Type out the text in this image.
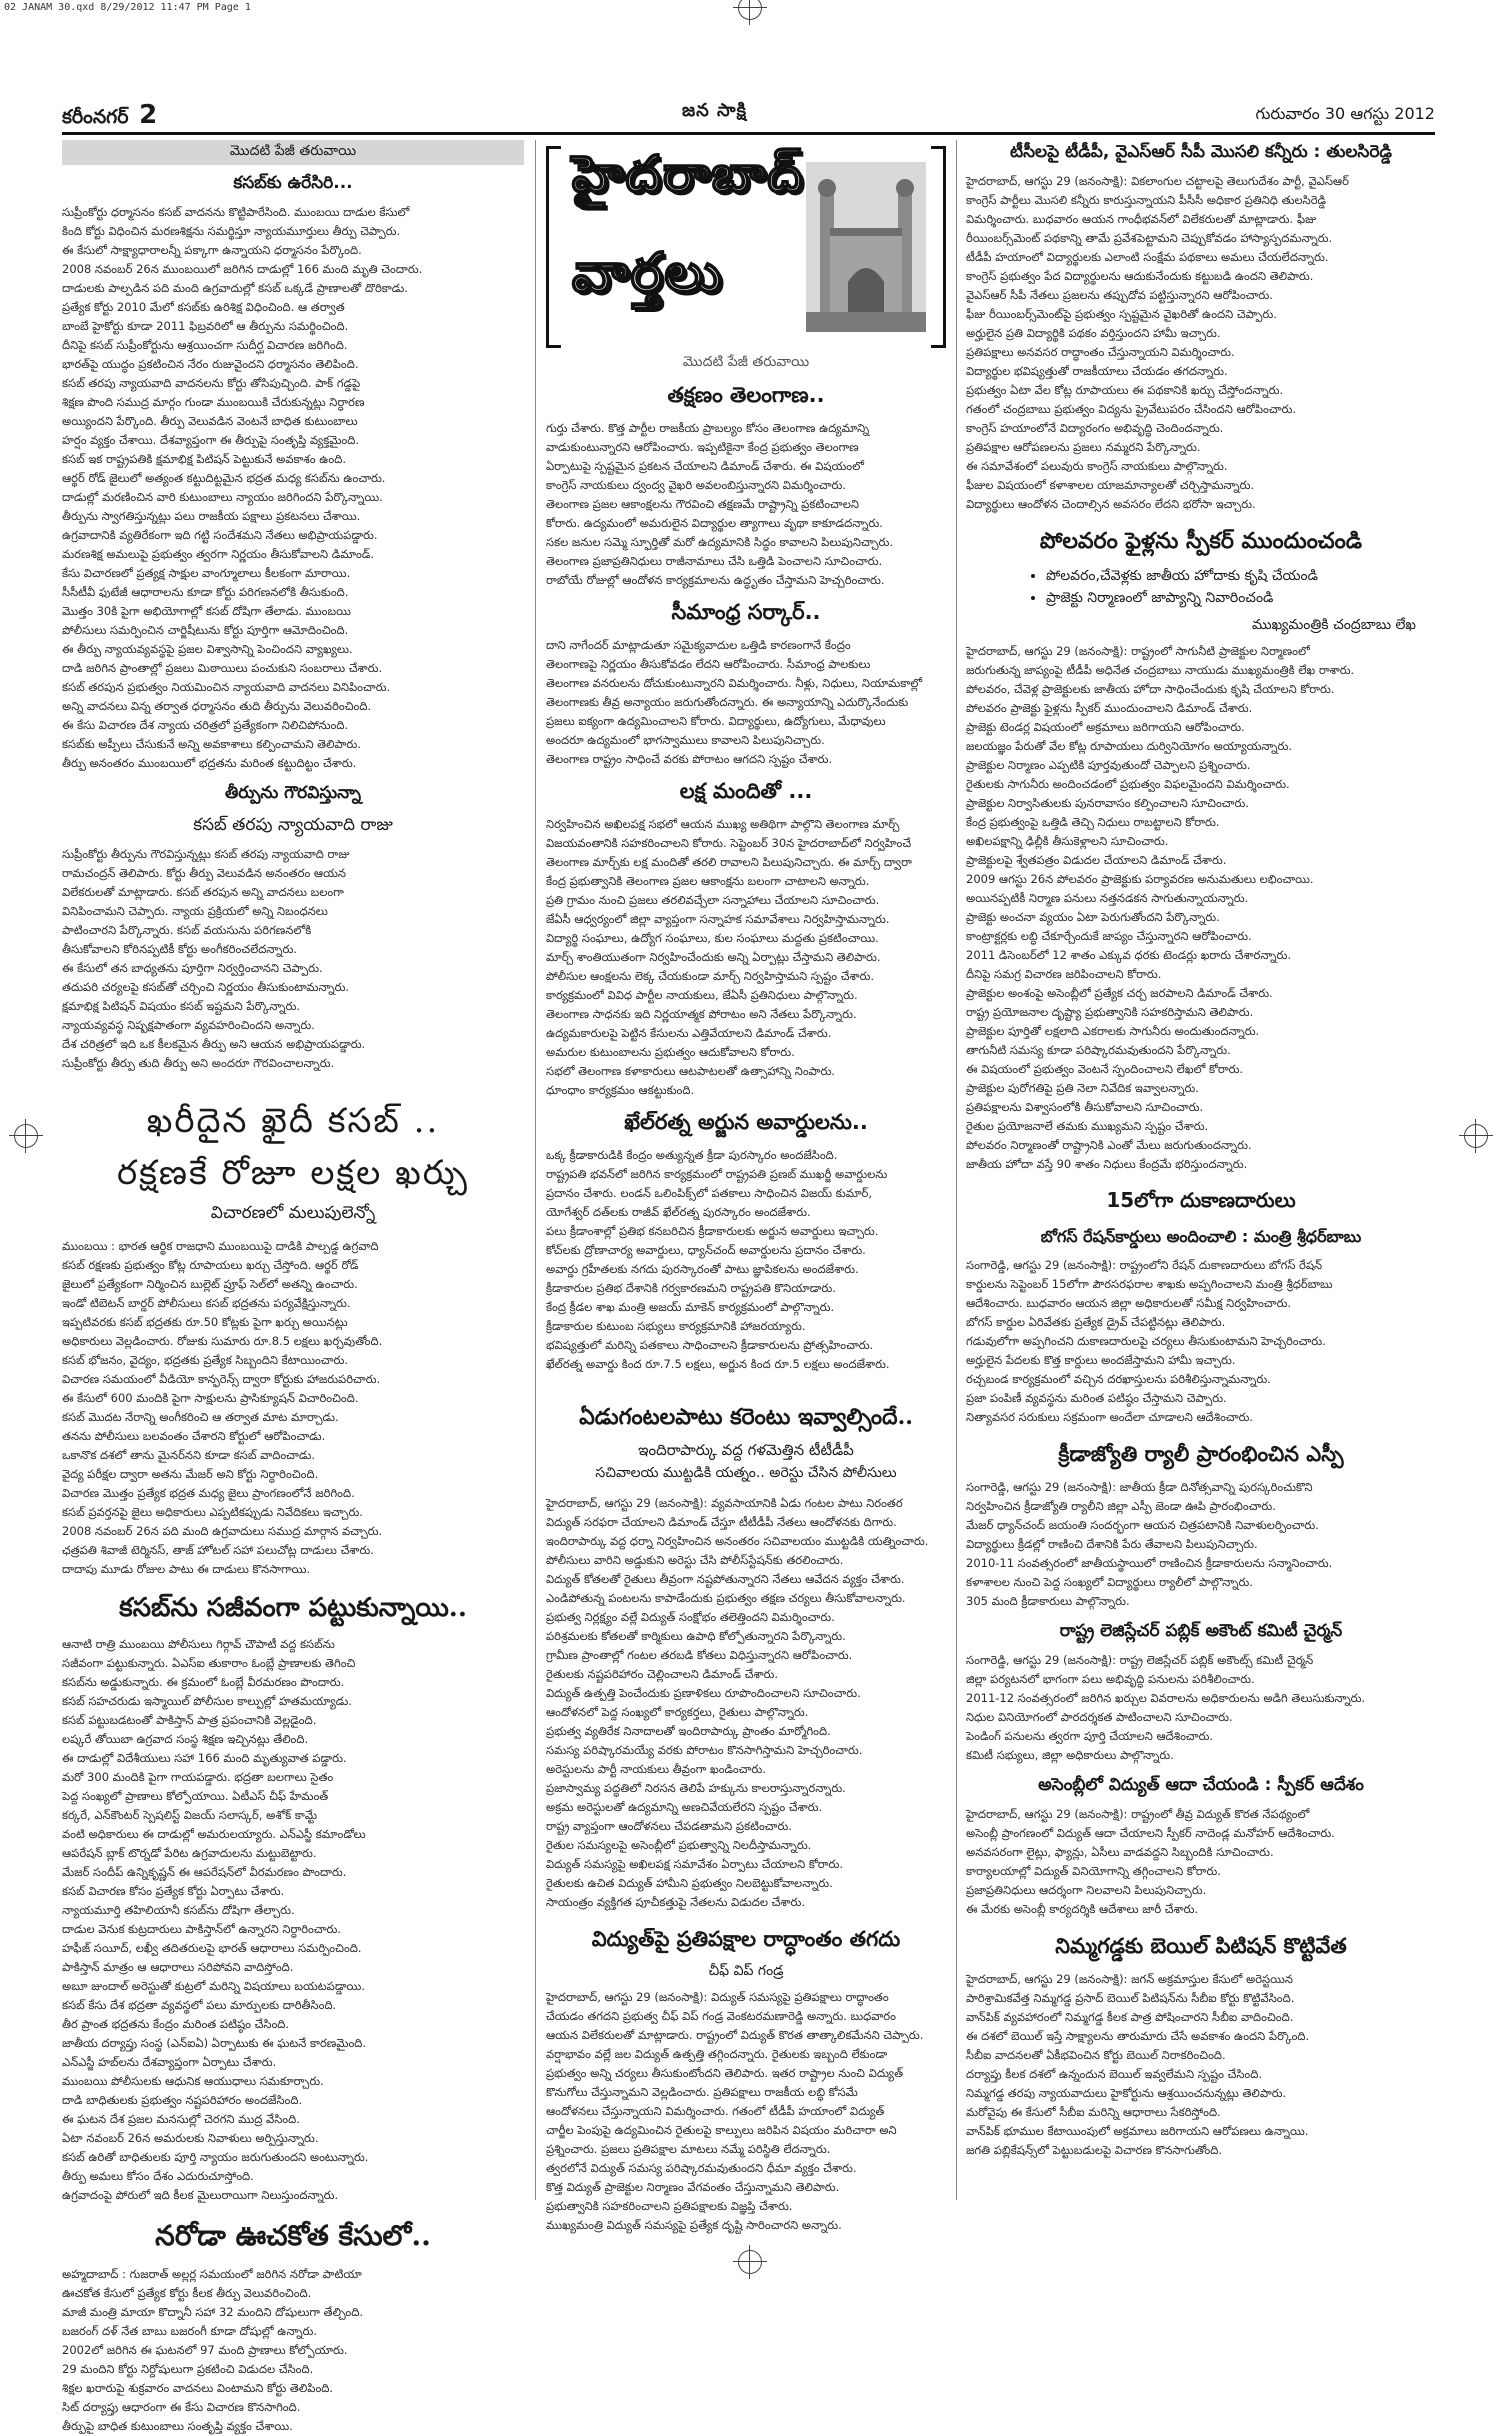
02 JANAM 30.qxd 8/29/2012 11:47 PM Page 1
కరీంనగర్ 2	జన సాక్షి	గురువారం 30 ఆగస్టు 2012
మొదటి పేజీ తరువాయి
కసబ్‌కు ఉరేసిరి...
సుప్రీంకోర్టు ధర్మాసనం కసబ్ వాదనను కొట్టిపారేసింది. ముంబయి దాడుల కేసులో
కింది కోర్టు విధించిన మరణశిక్షను సమర్థిస్తూ న్యాయమూర్తులు తీర్పు చెప్పారు.
ఈ కేసులో సాక్ష్యాధారాలన్నీ పక్కాగా ఉన్నాయని ధర్మాసనం పేర్కొంది.
2008 నవంబర్ 26న ముంబయిలో జరిగిన దాడుల్లో 166 మంది మృతి చెందారు.
దాడులకు పాల్పడిన పది మంది ఉగ్రవాదుల్లో కసబ్ ఒక్కడే ప్రాణాలతో దొరికాడు.
ప్రత్యేక కోర్టు 2010 మేలో కసబ్‌కు ఉరిశిక్ష విధించింది. ఆ తర్వాత
బాంబే హైకోర్టు కూడా 2011 ఫిబ్రవరిలో ఆ తీర్పును సమర్థించింది.
దీనిపై కసబ్ సుప్రీంకోర్టును ఆశ్రయించగా సుదీర్ఘ విచారణ జరిగింది.
భారత్‌పై యుద్ధం ప్రకటించిన నేరం రుజువైందని ధర్మాసనం తెలిపింది.
కసబ్ తరపు న్యాయవాది వాదనలను కోర్టు తోసిపుచ్చింది. పాక్ గడ్డపై
శిక్షణ పొంది సముద్ర మార్గం గుండా ముంబయికి చేరుకున్నట్లు నిర్ధారణ
అయ్యిందని పేర్కొంది. తీర్పు వెలువడిన వెంటనే బాధిత కుటుంబాలు
హర్షం వ్యక్తం చేశాయి. దేశవ్యాప్తంగా ఈ తీర్పుపై సంతృప్తి వ్యక్తమైంది.
కసబ్ ఇక రాష్ట్రపతికి క్షమాభిక్ష పిటిషన్ పెట్టుకునే అవకాశం ఉంది.
ఆర్థర్ రోడ్ జైలులో అత్యంత కట్టుదిట్టమైన భద్రత మధ్య కసబ్‌ను ఉంచారు.
దాడుల్లో మరణించిన వారి కుటుంబాలు న్యాయం జరిగిందని పేర్కొన్నాయి.
తీర్పును స్వాగతిస్తున్నట్లు పలు రాజకీయ పక్షాలు ప్రకటనలు చేశాయి.
ఉగ్రవాదానికి వ్యతిరేకంగా ఇది గట్టి సందేశమని నేతలు అభిప్రాయపడ్డారు.
మరణశిక్ష అమలుపై ప్రభుత్వం త్వరగా నిర్ణయం తీసుకోవాలని డిమాండ్.
కేసు విచారణలో ప్రత్యక్ష సాక్షుల వాంగ్మూలాలు కీలకంగా మారాయి.
సీసీటీవీ ఫుటేజీ ఆధారాలను కూడా కోర్టు పరిగణనలోకి తీసుకుంది.
మొత్తం 30కి పైగా అభియోగాల్లో కసబ్ దోషిగా తేలాడు. ముంబయి
పోలీసులు సమర్పించిన చార్జిషీటును కోర్టు పూర్తిగా ఆమోదించింది.
ఈ తీర్పు న్యాయవ్యవస్థపై ప్రజల విశ్వాసాన్ని పెంచిందని వ్యాఖ్యలు.
దాడి జరిగిన ప్రాంతాల్లో ప్రజలు మిఠాయిలు పంచుకుని సంబరాలు చేశారు.
కసబ్ తరపున ప్రభుత్వం నియమించిన న్యాయవాది వాదనలు వినిపించారు.
అన్ని వాదనలు విన్న తర్వాత ధర్మాసనం తుది తీర్పును వెలువరించింది.
ఈ కేసు విచారణ దేశ న్యాయ చరిత్రలో ప్రత్యేకంగా నిలిచిపోనుంది.
కసబ్‌కు అప్పీలు చేసుకునే అన్ని అవకాశాలు కల్పించామని తెలిపారు.
తీర్పు అనంతరం ముంబయిలో భద్రతను మరింత కట్టుదిట్టం చేశారు.
తీర్పును గౌరవిస్తున్నా
కసబ్ తరపు న్యాయవాది రాజు
సుప్రీంకోర్టు తీర్పును గౌరవిస్తున్నట్లు కసబ్ తరపు న్యాయవాది రాజు
రామచంద్రన్ తెలిపారు. కోర్టు తీర్పు వెలువడిన అనంతరం ఆయన
విలేకరులతో మాట్లాడారు. కసబ్ తరపున అన్ని వాదనలు బలంగా
వినిపించామని చెప్పారు. న్యాయ ప్రక్రియలో అన్ని నిబంధనలు
పాటించారని పేర్కొన్నారు. కసబ్ వయసును పరిగణనలోకి
తీసుకోవాలని కోరినప్పటికీ కోర్టు అంగీకరించలేదన్నారు.
ఈ కేసులో తన బాధ్యతను పూర్తిగా నిర్వర్తించానని చెప్పారు.
తదుపరి చర్యలపై కసబ్‌తో చర్చించి నిర్ణయం తీసుకుంటామన్నారు.
క్షమాభిక్ష పిటిషన్ విషయం కసబ్ ఇష్టమని పేర్కొన్నారు.
న్యాయవ్యవస్థ నిష్పక్షపాతంగా వ్యవహరించిందని అన్నారు.
దేశ చరిత్రలో ఇది ఒక కీలకమైన తీర్పు అని ఆయన అభిప్రాయపడ్డారు.
సుప్రీంకోర్టు తీర్పు తుది తీర్పు అని అందరూ గౌరవించాలన్నారు.
ఖరీదైన ఖైదీ కసబ్ ..
రక్షణకే రోజూ లక్షల ఖర్చు
విచారణలో మలుపులెన్నో
ముంబయి : భారత ఆర్థిక రాజధాని ముంబయిపై దాడికి పాల్పడ్డ ఉగ్రవాది
కసబ్ రక్షణకు ప్రభుత్వం కోట్ల రూపాయలు ఖర్చు చేస్తోంది. ఆర్థర్ రోడ్
జైలులో ప్రత్యేకంగా నిర్మించిన బుల్లెట్ ప్రూఫ్ సెల్‌లో అతన్ని ఉంచారు.
ఇండో టిబెటన్ బార్డర్ పోలీసులు కసబ్ భద్రతను పర్యవేక్షిస్తున్నారు.
ఇప్పటివరకు కసబ్ భద్రతకు రూ.50 కోట్లకు పైగా ఖర్చు అయినట్లు
అధికారులు వెల్లడించారు. రోజుకు సుమారు రూ.8.5 లక్షలు ఖర్చవుతోంది.
కసబ్ భోజనం, వైద్యం, భద్రతకు ప్రత్యేక సిబ్బందిని కేటాయించారు.
విచారణ సమయంలో వీడియో కాన్ఫరెన్స్ ద్వారా కోర్టుకు హాజరుపరిచారు.
ఈ కేసులో 600 మందికి పైగా సాక్షులను ప్రాసిక్యూషన్ విచారించింది.
కసబ్ మొదట నేరాన్ని అంగీకరించి ఆ తర్వాత మాట మార్చాడు.
తనను పోలీసులు బలవంతం చేశారని కోర్టులో ఆరోపించాడు.
ఒకానొక దశలో తాను మైనర్‌నని కూడా కసబ్ వాదించాడు.
వైద్య పరీక్షల ద్వారా అతను మేజర్ అని కోర్టు నిర్ధారించింది.
విచారణ మొత్తం ప్రత్యేక భద్రత మధ్య జైలు ప్రాంగణంలోనే జరిగింది.
కసబ్ ప్రవర్తనపై జైలు అధికారులు ఎప్పటికప్పుడు నివేదికలు ఇచ్చారు.
2008 నవంబర్ 26న పది మంది ఉగ్రవాదులు సముద్ర మార్గాన వచ్చారు.
ఛత్రపతి శివాజీ టెర్మినస్, తాజ్ హోటల్ సహా పలుచోట్ల దాడులు చేశారు.
దాదాపు మూడు రోజుల పాటు ఈ దాడులు కొనసాగాయి.
కసబ్‌ను సజీవంగా పట్టుకున్నాయి..
ఆనాటి రాత్రి ముంబయి పోలీసులు గిర్గావ్ చౌపాటీ వద్ద కసబ్‌ను
సజీవంగా పట్టుకున్నారు. ఏఎస్ఐ తుకారాం ఓంబ్లే ప్రాణాలకు తెగించి
కసబ్‌ను అడ్డుకున్నారు. ఈ క్రమంలో ఓంబ్లే వీరమరణం పొందారు.
కసబ్ సహచరుడు ఇస్మాయిల్ పోలీసుల కాల్పుల్లో హతమయ్యాడు.
కసబ్ పట్టుబడటంతో పాకిస్తాన్ పాత్ర ప్రపంచానికి వెల్లడైంది.
లష్కరే తోయిబా ఉగ్రవాద సంస్థ శిక్షణ ఇచ్చినట్లు తేలింది.
ఈ దాడుల్లో విదేశీయులు సహా 166 మంది మృత్యువాత పడ్డారు.
మరో 300 మందికి పైగా గాయపడ్డారు. భద్రతా బలగాలు సైతం
పెద్ద సంఖ్యలో ప్రాణాలు కోల్పోయాయి. ఏటీఎస్ చీఫ్ హేమంత్
కర్కరే, ఎన్‌కౌంటర్ స్పెషలిస్ట్ విజయ్ సలాస్కర్, అశోక్ కామ్టే
వంటి అధికారులు ఈ దాడుల్లో అమరులయ్యారు. ఎన్ఎస్జీ కమాండోలు
ఆపరేషన్ బ్లాక్ టొర్నడో పేరిట ఉగ్రవాదులను మట్టుబెట్టారు.
మేజర్ సందీప్ ఉన్నికృష్ణన్ ఈ ఆపరేషన్‌లో వీరమరణం పొందారు.
కసబ్ విచారణ కోసం ప్రత్యేక కోర్టు ఏర్పాటు చేశారు.
న్యాయమూర్తి తహిలియానీ కసబ్‌ను దోషిగా తేల్చారు.
దాడుల వెనుక కుట్రదారులు పాకిస్తాన్‌లో ఉన్నారని నిర్ధారించారు.
హఫీజ్ సయీద్, లఖ్వీ తదితరులపై భారత్ ఆధారాలు సమర్పించింది.
పాకిస్తాన్ మాత్రం ఆ ఆధారాలు సరిపోవని వాదిస్తోంది.
అబూ జుందాల్ అరెస్టుతో కుట్రలో మరిన్ని విషయాలు బయటపడ్డాయి.
కసబ్ కేసు దేశ భద్రతా వ్యవస్థలో పలు మార్పులకు దారితీసింది.
తీర ప్రాంత భద్రతను కేంద్రం మరింత పటిష్ఠం చేసింది.
జాతీయ దర్యాప్తు సంస్థ (ఎన్ఐఏ) ఏర్పాటుకు ఈ ఘటనే కారణమైంది.
ఎన్ఎస్జీ హబ్‌లను దేశవ్యాప్తంగా ఏర్పాటు చేశారు.
ముంబయి పోలీసులకు ఆధునిక ఆయుధాలు సమకూర్చారు.
దాడి బాధితులకు ప్రభుత్వం నష్టపరిహారం అందజేసింది.
ఈ ఘటన దేశ ప్రజల మనసుల్లో చెరగని ముద్ర వేసింది.
ఏటా నవంబర్ 26న అమరులకు నివాళులు అర్పిస్తున్నారు.
కసబ్ ఉరితో బాధితులకు పూర్తి న్యాయం జరుగుతుందని అంటున్నారు.
తీర్పు అమలు కోసం దేశం ఎదురుచూస్తోంది.
ఉగ్రవాదంపై పోరులో ఇది కీలక మైలురాయిగా నిలుస్తుందన్నారు.
నరోడా ఊచకోత కేసులో..
అహ్మదాబాద్ : గుజరాత్ అల్లర్ల సమయంలో జరిగిన నరోడా పాటియా
ఊచకోత కేసులో ప్రత్యేక కోర్టు కీలక తీర్పు వెలువరించింది.
మాజీ మంత్రి మాయా కొద్నానీ సహా 32 మందిని దోషులుగా తేల్చింది.
బజరంగ్ దళ్ నేత బాబు బజరంగీ కూడా దోషుల్లో ఉన్నారు.
2002లో జరిగిన ఈ ఘటనలో 97 మంది ప్రాణాలు కోల్పోయారు.
29 మందిని కోర్టు నిర్దోషులుగా ప్రకటించి విడుదల చేసింది.
శిక్షల ఖరారుపై శుక్రవారం వాదనలు వింటామని కోర్టు తెలిపింది.
సిట్ దర్యాప్తు ఆధారంగా ఈ కేసు విచారణ కొనసాగింది.
తీర్పుపై బాధిత కుటుంబాలు సంతృప్తి వ్యక్తం చేశాయి.
హైదరాబాద్
వార్తలు
మొదటి పేజీ తరువాయి
తక్షణం తెలంగాణ..
గుర్తు చేశారు. కొత్త పార్టీల రాజకీయ ప్రాబల్యం కోసం తెలంగాణ ఉద్యమాన్ని
వాడుకుంటున్నారని ఆరోపించారు. ఇప్పటికైనా కేంద్ర ప్రభుత్వం తెలంగాణ
ఏర్పాటుపై స్పష్టమైన ప్రకటన చేయాలని డిమాండ్ చేశారు. ఈ విషయంలో
కాంగ్రెస్ నాయకులు ద్వంద్వ వైఖరి అవలంబిస్తున్నారని విమర్శించారు.
తెలంగాణ ప్రజల ఆకాంక్షలను గౌరవించి తక్షణమే రాష్ట్రాన్ని ప్రకటించాలని
కోరారు. ఉద్యమంలో అమరులైన విద్యార్థుల త్యాగాలు వృథా కాకూడదన్నారు.
సకల జనుల సమ్మె స్ఫూర్తితో మరో ఉద్యమానికి సిద్ధం కావాలని పిలుపునిచ్చారు.
తెలంగాణ ప్రజాప్రతినిధులు రాజీనామాలు చేసి ఒత్తిడి పెంచాలని సూచించారు.
రాబోయే రోజుల్లో ఆందోళన కార్యక్రమాలను ఉద్ధృతం చేస్తామని హెచ్చరించారు.
సీమాంధ్ర సర్కార్..
దాని నాగేందర్ మాట్లాడుతూ సమైక్యవాదుల ఒత్తిడి కారణంగానే కేంద్రం
తెలంగాణపై నిర్ణయం తీసుకోవడం లేదని ఆరోపించారు. సీమాంధ్ర పాలకులు
తెలంగాణ వనరులను దోచుకుంటున్నారని విమర్శించారు. నీళ్లు, నిధులు, నియామకాల్లో
తెలంగాణకు తీవ్ర అన్యాయం జరుగుతోందన్నారు. ఈ అన్యాయాన్ని ఎదుర్కొనేందుకు
ప్రజలు ఐక్యంగా ఉద్యమించాలని కోరారు. విద్యార్థులు, ఉద్యోగులు, మేధావులు
అందరూ ఉద్యమంలో భాగస్వాములు కావాలని పిలుపునిచ్చారు.
తెలంగాణ రాష్ట్రం సాధించే వరకు పోరాటం ఆగదని స్పష్టం చేశారు.
లక్ష మందితో ...
నిర్వహించిన అఖిలపక్ష సభలో ఆయన ముఖ్య అతిథిగా పాల్గొని తెలంగాణ మార్చ్
విజయవంతానికి సహకరించాలని కోరారు. సెప్టెంబర్ 30న హైదరాబాద్‌లో నిర్వహించే
తెలంగాణ మార్చ్‌కు లక్ష మందితో తరలి రావాలని పిలుపునిచ్చారు. ఈ మార్చ్ ద్వారా
కేంద్ర ప్రభుత్వానికి తెలంగాణ ప్రజల ఆకాంక్షను బలంగా చాటాలని అన్నారు.
ప్రతి గ్రామం నుంచి ప్రజలు తరలివచ్చేలా సన్నాహాలు చేయాలని సూచించారు.
జేఏసీ ఆధ్వర్యంలో జిల్లా వ్యాప్తంగా సన్నాహక సమావేశాలు నిర్వహిస్తామన్నారు.
విద్యార్థి సంఘాలు, ఉద్యోగ సంఘాలు, కుల సంఘాలు మద్దతు ప్రకటించాయి.
మార్చ్ శాంతియుతంగా నిర్వహించేందుకు అన్ని ఏర్పాట్లు చేస్తామని తెలిపారు.
పోలీసుల ఆంక్షలను లెక్క చేయకుండా మార్చ్ నిర్వహిస్తామని స్పష్టం చేశారు.
కార్యక్రమంలో వివిధ పార్టీల నాయకులు, జేఏసీ ప్రతినిధులు పాల్గొన్నారు.
తెలంగాణ సాధనకు ఇది నిర్ణయాత్మక పోరాటం అని నేతలు పేర్కొన్నారు.
ఉద్యమకారులపై పెట్టిన కేసులను ఎత్తివేయాలని డిమాండ్ చేశారు.
అమరుల కుటుంబాలను ప్రభుత్వం ఆదుకోవాలని కోరారు.
సభలో తెలంగాణ కళాకారులు ఆటపాటలతో ఉత్సాహాన్ని నింపారు.
ధూంధాం కార్యక్రమం ఆకట్టుకుంది.
ఖేల్‌రత్న అర్జున అవార్డులను..
ఒక్క క్రీడాకారుడికి కేంద్రం అత్యున్నత క్రీడా పురస్కారం అందజేసింది.
రాష్ట్రపతి భవన్‌లో జరిగిన కార్యక్రమంలో రాష్ట్రపతి ప్రణబ్ ముఖర్జీ అవార్డులను
ప్రదానం చేశారు. లండన్ ఒలింపిక్స్‌లో పతకాలు సాధించిన విజయ్ కుమార్,
యోగేశ్వర్ దత్‌లకు రాజీవ్ ఖేల్‌రత్న పురస్కారం అందజేశారు.
పలు క్రీడాంశాల్లో ప్రతిభ కనబరిచిన క్రీడాకారులకు అర్జున అవార్డులు ఇచ్చారు.
కోచ్‌లకు ద్రోణాచార్య అవార్డులు, ధ్యాన్‌చంద్ అవార్డులను ప్రదానం చేశారు.
అవార్డు గ్రహీతలకు నగదు పురస్కారంతో పాటు జ్ఞాపికలను అందజేశారు.
క్రీడాకారుల ప్రతిభ దేశానికి గర్వకారణమని రాష్ట్రపతి కొనియాడారు.
కేంద్ర క్రీడల శాఖ మంత్రి అజయ్ మాకెన్ కార్యక్రమంలో పాల్గొన్నారు.
క్రీడాకారుల కుటుంబ సభ్యులు కార్యక్రమానికి హాజరయ్యారు.
భవిష్యత్తులో మరిన్ని పతకాలు సాధించాలని క్రీడాకారులను ప్రోత్సహించారు.
ఖేల్‌రత్న అవార్డు కింద రూ.7.5 లక్షలు, అర్జున కింద రూ.5 లక్షలు అందజేశారు.
ఏడుగంటలపాటు కరెంటు ఇవ్వాల్సిందే..
ఇందిరాపార్కు వద్ద గళమెత్తిన టీటీడీపీ
సచివాలయ ముట్టడికి యత్నం.. అరెస్టు చేసిన పోలీసులు
హైదరాబాద్, ఆగస్టు 29 (జనంసాక్షి): వ్యవసాయానికి ఏడు గంటల పాటు నిరంతర
విద్యుత్ సరఫరా చేయాలని డిమాండ్ చేస్తూ టీటీడీపీ నేతలు ఆందోళనకు దిగారు.
ఇందిరాపార్కు వద్ద ధర్నా నిర్వహించిన అనంతరం సచివాలయం ముట్టడికి యత్నించారు.
పోలీసులు వారిని అడ్డుకుని అరెస్టు చేసి పోలీస్‌స్టేషన్‌కు తరలించారు.
విద్యుత్ కోతలతో రైతులు తీవ్రంగా నష్టపోతున్నారని నేతలు ఆవేదన వ్యక్తం చేశారు.
ఎండిపోతున్న పంటలను కాపాడేందుకు ప్రభుత్వం తక్షణ చర్యలు తీసుకోవాలన్నారు.
ప్రభుత్వ నిర్లక్ష్యం వల్లే విద్యుత్ సంక్షోభం తలెత్తిందని విమర్శించారు.
పరిశ్రమలకు కోతలతో కార్మికులు ఉపాధి కోల్పోతున్నారని పేర్కొన్నారు.
గ్రామీణ ప్రాంతాల్లో గంటల తరబడి కోతలు విధిస్తున్నారని ఆరోపించారు.
రైతులకు నష్టపరిహారం చెల్లించాలని డిమాండ్ చేశారు.
విద్యుత్ ఉత్పత్తి పెంచేందుకు ప్రణాళికలు రూపొందించాలని సూచించారు.
ఆందోళనలో పెద్ద సంఖ్యలో కార్యకర్తలు, రైతులు పాల్గొన్నారు.
ప్రభుత్వ వ్యతిరేక నినాదాలతో ఇందిరాపార్కు ప్రాంతం మార్మోగింది.
సమస్య పరిష్కారమయ్యే వరకు పోరాటం కొనసాగిస్తామని హెచ్చరించారు.
అరెస్టులను పార్టీ నాయకులు తీవ్రంగా ఖండించారు.
ప్రజాస్వామ్య పద్ధతిలో నిరసన తెలిపే హక్కును కాలరాస్తున్నారన్నారు.
అక్రమ అరెస్టులతో ఉద్యమాన్ని అణచివేయలేరని స్పష్టం చేశారు.
రాష్ట్ర వ్యాప్తంగా ఆందోళనలు చేపడతామని ప్రకటించారు.
రైతుల సమస్యలపై అసెంబ్లీలో ప్రభుత్వాన్ని నిలదీస్తామన్నారు.
విద్యుత్ సమస్యపై అఖిలపక్ష సమావేశం ఏర్పాటు చేయాలని కోరారు.
రైతులకు ఉచిత విద్యుత్ హామీని ప్రభుత్వం నిలబెట్టుకోవాలన్నారు.
సాయంత్రం వ్యక్తిగత పూచీకత్తుపై నేతలను విడుదల చేశారు.
విద్యుత్‌పై ప్రతిపక్షాల రాద్ధాంతం తగదు
చీఫ్ విప్ గండ్ర
హైదరాబాద్, ఆగస్టు 29 (జనంసాక్షి): విద్యుత్ సమస్యపై ప్రతిపక్షాలు రాద్ధాంతం
చేయడం తగదని ప్రభుత్వ చీఫ్ విప్ గండ్ర వెంకటరమణారెడ్డి అన్నారు. బుధవారం
ఆయన విలేకరులతో మాట్లాడారు. రాష్ట్రంలో విద్యుత్ కొరత తాత్కాలికమేనని చెప్పారు.
వర్షాభావం వల్లే జల విద్యుత్ ఉత్పత్తి తగ్గిందన్నారు. రైతులకు ఇబ్బంది లేకుండా
ప్రభుత్వం అన్ని చర్యలు తీసుకుంటోందని తెలిపారు. ఇతర రాష్ట్రాల నుంచి విద్యుత్
కొనుగోలు చేస్తున్నామని వెల్లడించారు. ప్రతిపక్షాలు రాజకీయ లబ్ధి కోసమే
ఆందోళనలు చేస్తున్నాయని విమర్శించారు. గతంలో టీడీపీ హయాంలో విద్యుత్
చార్జీల పెంపుపై ఉద్యమించిన రైతులపై కాల్పులు జరిపిన విషయం మరిచారా అని
ప్రశ్నించారు. ప్రజలు ప్రతిపక్షాల మాటలు నమ్మే పరిస్థితి లేదన్నారు.
త్వరలోనే విద్యుత్ సమస్య పరిష్కారమవుతుందని ధీమా వ్యక్తం చేశారు.
కొత్త విద్యుత్ ప్రాజెక్టుల నిర్మాణం వేగవంతం చేస్తున్నామని తెలిపారు.
ప్రభుత్వానికి సహకరించాలని ప్రతిపక్షాలకు విజ్ఞప్తి చేశారు.
ముఖ్యమంత్రి విద్యుత్ సమస్యపై ప్రత్యేక దృష్టి సారించారని అన్నారు.
టీసీలపై టీడీపీ, వైఎస్ఆర్ సీపీ మొసలి కన్నీరు : తులసిరెడ్డి
హైదరాబాద్, ఆగస్టు 29 (జనంసాక్షి): వికలాంగుల చట్టాలపై తెలుగుదేశం పార్టీ, వైఎస్ఆర్
కాంగ్రెస్ పార్టీలు మొసలి కన్నీరు కారుస్తున్నాయని పీసీసీ అధికార ప్రతినిధి తులసిరెడ్డి
విమర్శించారు. బుధవారం ఆయన గాంధీభవన్‌లో విలేకరులతో మాట్లాడారు. ఫీజు
రీయింబర్స్‌మెంట్ పథకాన్ని తామే ప్రవేశపెట్టామని చెప్పుకోవడం హాస్యాస్పదమన్నారు.
టీడీపీ హయాంలో విద్యార్థులకు ఎలాంటి సంక్షేమ పథకాలు అమలు చేయలేదన్నారు.
కాంగ్రెస్ ప్రభుత్వం పేద విద్యార్థులను ఆదుకునేందుకు కట్టుబడి ఉందని తెలిపారు.
వైఎస్ఆర్ సీపీ నేతలు ప్రజలను తప్పుదోవ పట్టిస్తున్నారని ఆరోపించారు.
ఫీజు రీయింబర్స్‌మెంట్‌పై ప్రభుత్వం స్పష్టమైన వైఖరితో ఉందని చెప్పారు.
అర్హులైన ప్రతి విద్యార్థికి పథకం వర్తిస్తుందని హామీ ఇచ్చారు.
ప్రతిపక్షాలు అనవసర రాద్ధాంతం చేస్తున్నాయని విమర్శించారు.
విద్యార్థుల భవిష్యత్తుతో రాజకీయాలు చేయడం తగదన్నారు.
ప్రభుత్వం ఏటా వేల కోట్ల రూపాయలు ఈ పథకానికి ఖర్చు చేస్తోందన్నారు.
గతంలో చంద్రబాబు ప్రభుత్వం విద్యను ప్రైవేటుపరం చేసిందని ఆరోపించారు.
కాంగ్రెస్ హయాంలోనే విద్యారంగం అభివృద్ధి చెందిందన్నారు.
ప్రతిపక్షాల ఆరోపణలను ప్రజలు నమ్మరని పేర్కొన్నారు.
ఈ సమావేశంలో పలువురు కాంగ్రెస్ నాయకులు పాల్గొన్నారు.
ఫీజుల విషయంలో కళాశాలల యాజమాన్యాలతో చర్చిస్తామన్నారు.
విద్యార్థులు ఆందోళన చెందాల్సిన అవసరం లేదని భరోసా ఇచ్చారు.
పోలవరం ఫైళ్లను స్పీకర్ ముందుంచండి
• పోలవరం,చేవెళ్లకు జాతీయ హోదాకు కృషి చేయండి
• ప్రాజెక్టు నిర్మాణంలో జాప్యాన్ని నివారించండి
ముఖ్యమంత్రికి చంద్రబాబు లేఖ
హైదరాబాద్, ఆగస్టు 29 (జనంసాక్షి): రాష్ట్రంలో సాగునీటి ప్రాజెక్టుల నిర్మాణంలో
జరుగుతున్న జాప్యంపై టీడీపీ అధినేత చంద్రబాబు నాయుడు ముఖ్యమంత్రికి లేఖ రాశారు.
పోలవరం, చేవెళ్ల ప్రాజెక్టులకు జాతీయ హోదా సాధించేందుకు కృషి చేయాలని కోరారు.
పోలవరం ప్రాజెక్టు ఫైళ్లను స్పీకర్ ముందుంచాలని డిమాండ్ చేశారు.
ప్రాజెక్టు టెండర్ల విషయంలో అక్రమాలు జరిగాయని ఆరోపించారు.
జలయజ్ఞం పేరుతో వేల కోట్ల రూపాయలు దుర్వినియోగం అయ్యాయన్నారు.
ప్రాజెక్టుల నిర్మాణం ఎప్పటికి పూర్తవుతుందో చెప్పాలని ప్రశ్నించారు.
రైతులకు సాగునీరు అందించడంలో ప్రభుత్వం విఫలమైందని విమర్శించారు.
ప్రాజెక్టుల నిర్వాసితులకు పునరావాసం కల్పించాలని సూచించారు.
కేంద్ర ప్రభుత్వంపై ఒత్తిడి తెచ్చి నిధులు రాబట్టాలని కోరారు.
అఖిలపక్షాన్ని ఢిల్లీకి తీసుకెళ్లాలని సూచించారు.
ప్రాజెక్టులపై శ్వేతపత్రం విడుదల చేయాలని డిమాండ్ చేశారు.
2009 ఆగస్టు 26న పోలవరం ప్రాజెక్టుకు పర్యావరణ అనుమతులు లభించాయి.
అయినప్పటికీ నిర్మాణ పనులు నత్తనడకన సాగుతున్నాయన్నారు.
ప్రాజెక్టు అంచనా వ్యయం ఏటా పెరుగుతోందని పేర్కొన్నారు.
కాంట్రాక్టర్లకు లబ్ధి చేకూర్చేందుకే జాప్యం చేస్తున్నారని ఆరోపించారు.
2011 డిసెంబర్‌లో 12 శాతం ఎక్కువ ధరకు టెండర్లు ఖరారు చేశారన్నారు.
దీనిపై సమగ్ర విచారణ జరిపించాలని కోరారు.
ప్రాజెక్టుల అంశంపై అసెంబ్లీలో ప్రత్యేక చర్చ జరపాలని డిమాండ్ చేశారు.
రాష్ట్ర ప్రయోజనాల దృష్ట్యా ప్రభుత్వానికి సహకరిస్తామని తెలిపారు.
ప్రాజెక్టుల పూర్తితో లక్షలాది ఎకరాలకు సాగునీరు అందుతుందన్నారు.
తాగునీటి సమస్య కూడా పరిష్కారమవుతుందని పేర్కొన్నారు.
ఈ విషయంలో ప్రభుత్వం వెంటనే స్పందించాలని లేఖలో కోరారు.
ప్రాజెక్టుల పురోగతిపై ప్రతి నెలా నివేదిక ఇవ్వాలన్నారు.
ప్రతిపక్షాలను విశ్వాసంలోకి తీసుకోవాలని సూచించారు.
రైతుల ప్రయోజనాలే తమకు ముఖ్యమని స్పష్టం చేశారు.
పోలవరం నిర్మాణంతో రాష్ట్రానికి ఎంతో మేలు జరుగుతుందన్నారు.
జాతీయ హోదా వస్తే 90 శాతం నిధులు కేంద్రమే భరిస్తుందన్నారు.
15లోగా దుకాణదారులు
బోగస్ రేషన్‌కార్డులు అందించాలి : మంత్రి శ్రీధర్‌బాబు
సంగారెడ్డి, ఆగస్టు 29 (జనంసాక్షి): రాష్ట్రంలోని రేషన్ దుకాణదారులు బోగస్ రేషన్
కార్డులను సెప్టెంబర్ 15లోగా పౌరసరఫరాల శాఖకు అప్పగించాలని మంత్రి శ్రీధర్‌బాబు
ఆదేశించారు. బుధవారం ఆయన జిల్లా అధికారులతో సమీక్ష నిర్వహించారు.
బోగస్ కార్డుల ఏరివేతకు ప్రత్యేక డ్రైవ్ చేపట్టినట్లు తెలిపారు.
గడువులోగా అప్పగించని దుకాణదారులపై చర్యలు తీసుకుంటామని హెచ్చరించారు.
అర్హులైన పేదలకు కొత్త కార్డులు అందజేస్తామని హామీ ఇచ్చారు.
రచ్చబండ కార్యక్రమంలో వచ్చిన దరఖాస్తులను పరిశీలిస్తున్నామన్నారు.
ప్రజా పంపిణీ వ్యవస్థను మరింత పటిష్ఠం చేస్తామని చెప్పారు.
నిత్యావసర సరుకులు సక్రమంగా అందేలా చూడాలని ఆదేశించారు.
క్రీడాజ్యోతి ర్యాలీ ప్రారంభించిన ఎస్పీ
సంగారెడ్డి, ఆగస్టు 29 (జనంసాక్షి): జాతీయ క్రీడా దినోత్సవాన్ని పురస్కరించుకొని
నిర్వహించిన క్రీడాజ్యోతి ర్యాలీని జిల్లా ఎస్పీ జెండా ఊపి ప్రారంభించారు.
మేజర్ ధ్యాన్‌చంద్ జయంతి సందర్భంగా ఆయన చిత్రపటానికి నివాళులర్పించారు.
విద్యార్థులు క్రీడల్లో రాణించి దేశానికి పేరు తేవాలని పిలుపునిచ్చారు.
2010-11 సంవత్సరంలో జాతీయస్థాయిలో రాణించిన క్రీడాకారులను సన్మానించారు.
కళాశాలల నుంచి పెద్ద సంఖ్యలో విద్యార్థులు ర్యాలీలో పాల్గొన్నారు.
305 మంది క్రీడాకారులు పాల్గొన్నారు.
రాష్ట్ర లెజిస్లేచర్ పబ్లిక్ అకౌంట్ కమిటీ చైర్మన్
సంగారెడ్డి, ఆగస్టు 29 (జనంసాక్షి): రాష్ట్ర లెజిస్లేచర్ పబ్లిక్ అకౌంట్స్ కమిటీ చైర్మన్
జిల్లా పర్యటనలో భాగంగా పలు అభివృద్ధి పనులను పరిశీలించారు.
2011-12 సంవత్సరంలో జరిగిన ఖర్చుల వివరాలను అధికారులను అడిగి తెలుసుకున్నారు.
నిధుల వినియోగంలో పారదర్శకత పాటించాలని సూచించారు.
పెండింగ్ పనులను త్వరగా పూర్తి చేయాలని ఆదేశించారు.
కమిటీ సభ్యులు, జిల్లా అధికారులు పాల్గొన్నారు.
అసెంబ్లీలో విద్యుత్ ఆదా చేయండి : స్పీకర్ ఆదేశం
హైదరాబాద్, ఆగస్టు 29 (జనంసాక్షి): రాష్ట్రంలో తీవ్ర విద్యుత్ కొరత నేపథ్యంలో
అసెంబ్లీ ప్రాంగణంలో విద్యుత్ ఆదా చేయాలని స్పీకర్ నాదెండ్ల మనోహర్ ఆదేశించారు.
అనవసరంగా లైట్లు, ఫ్యాన్లు, ఏసీలు వాడవద్దని సిబ్బందికి సూచించారు.
కార్యాలయాల్లో విద్యుత్ వినియోగాన్ని తగ్గించాలని కోరారు.
ప్రజాప్రతినిధులు ఆదర్శంగా నిలవాలని పిలుపునిచ్చారు.
ఈ మేరకు అసెంబ్లీ కార్యదర్శికి ఆదేశాలు జారీ చేశారు.
నిమ్మగడ్డకు బెయిల్ పిటిషన్ కొట్టివేత
హైదరాబాద్, ఆగస్టు 29 (జనంసాక్షి): జగన్ అక్రమాస్తుల కేసులో అరెస్టయిన
పారిశ్రామికవేత్త నిమ్మగడ్డ ప్రసాద్ బెయిల్ పిటిషన్‌ను సీబీఐ కోర్టు కొట్టివేసింది.
వాన్‌పిక్ వ్యవహారంలో నిమ్మగడ్డ కీలక పాత్ర పోషించారని సీబీఐ వాదించింది.
ఈ దశలో బెయిల్ ఇస్తే సాక్ష్యాలను తారుమారు చేసే అవకాశం ఉందని పేర్కొంది.
సీబీఐ వాదనలతో ఏకీభవించిన కోర్టు బెయిల్ నిరాకరించింది.
దర్యాప్తు కీలక దశలో ఉన్నందున బెయిల్ ఇవ్వలేమని స్పష్టం చేసింది.
నిమ్మగడ్డ తరపు న్యాయవాదులు హైకోర్టును ఆశ్రయించనున్నట్లు తెలిపారు.
మరోవైపు ఈ కేసులో సీబీఐ మరిన్ని ఆధారాలు సేకరిస్తోంది.
వాన్‌పిక్ భూముల కేటాయింపులో అక్రమాలు జరిగాయని ఆరోపణలు ఉన్నాయి.
జగతి పబ్లికేషన్స్‌లో పెట్టుబడులపై విచారణ కొనసాగుతోంది.
